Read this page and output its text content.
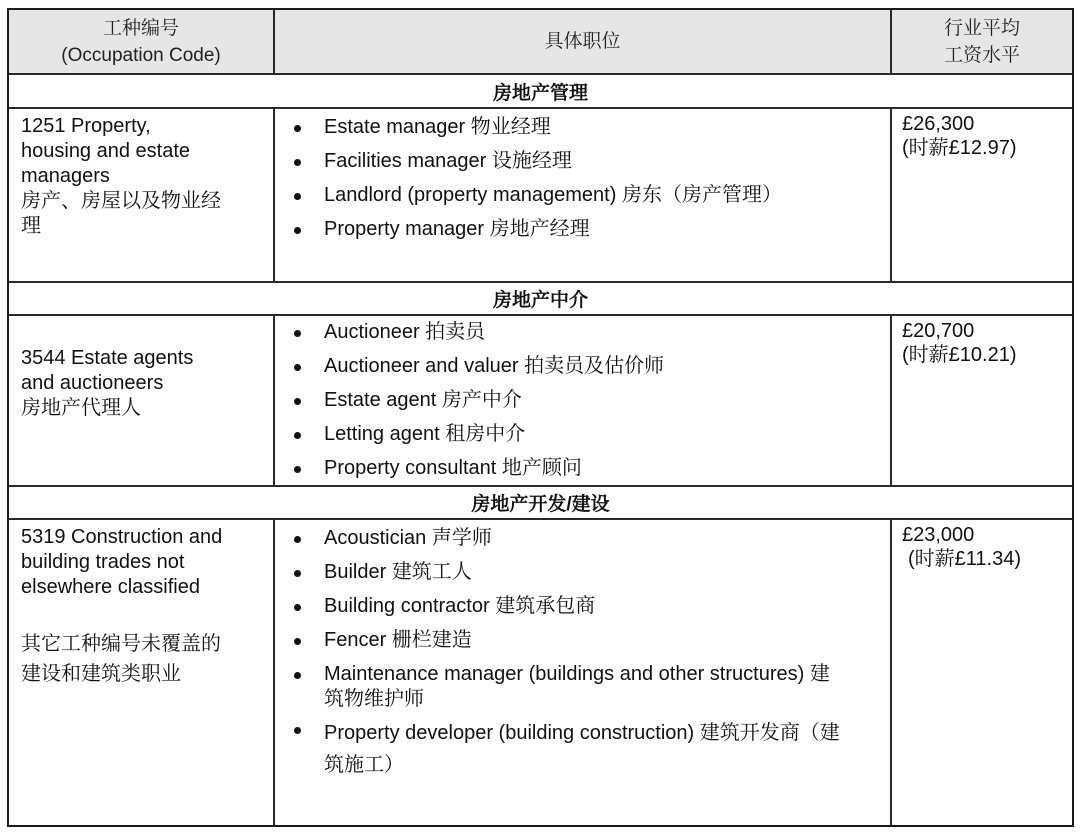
工种编号
(Occupation Code)
具体职位
行业平均
工资水平
房地产管理
1251 Property,
housing and estate
managers
房产、房屋以及物业经
理
Estate manager 物业经理
Facilities manager 设施经理
Landlord (property management) 房东（房产管理）
Property manager 房地产经理
£26,300
(时薪£12.97)
房地产中介
3544 Estate agents
and auctioneers
房地产代理人
Auctioneer 拍卖员
Auctioneer and valuer 拍卖员及估价师
Estate agent 房产中介
Letting agent 租房中介
Property consultant 地产顾问
£20,700
(时薪£10.21)
房地产开发/建设
5319 Construction and
building trades not
elsewhere classified
其它工种编号未覆盖的
建设和建筑类职业
Acoustician 声学师
Builder 建筑工人
Building contractor 建筑承包商
Fencer 栅栏建造
Maintenance manager (buildings and other structures) 建筑物维护师
Property developer (building construction) 建筑开发商（建筑施工）
£23,000
(时薪£11.34)
